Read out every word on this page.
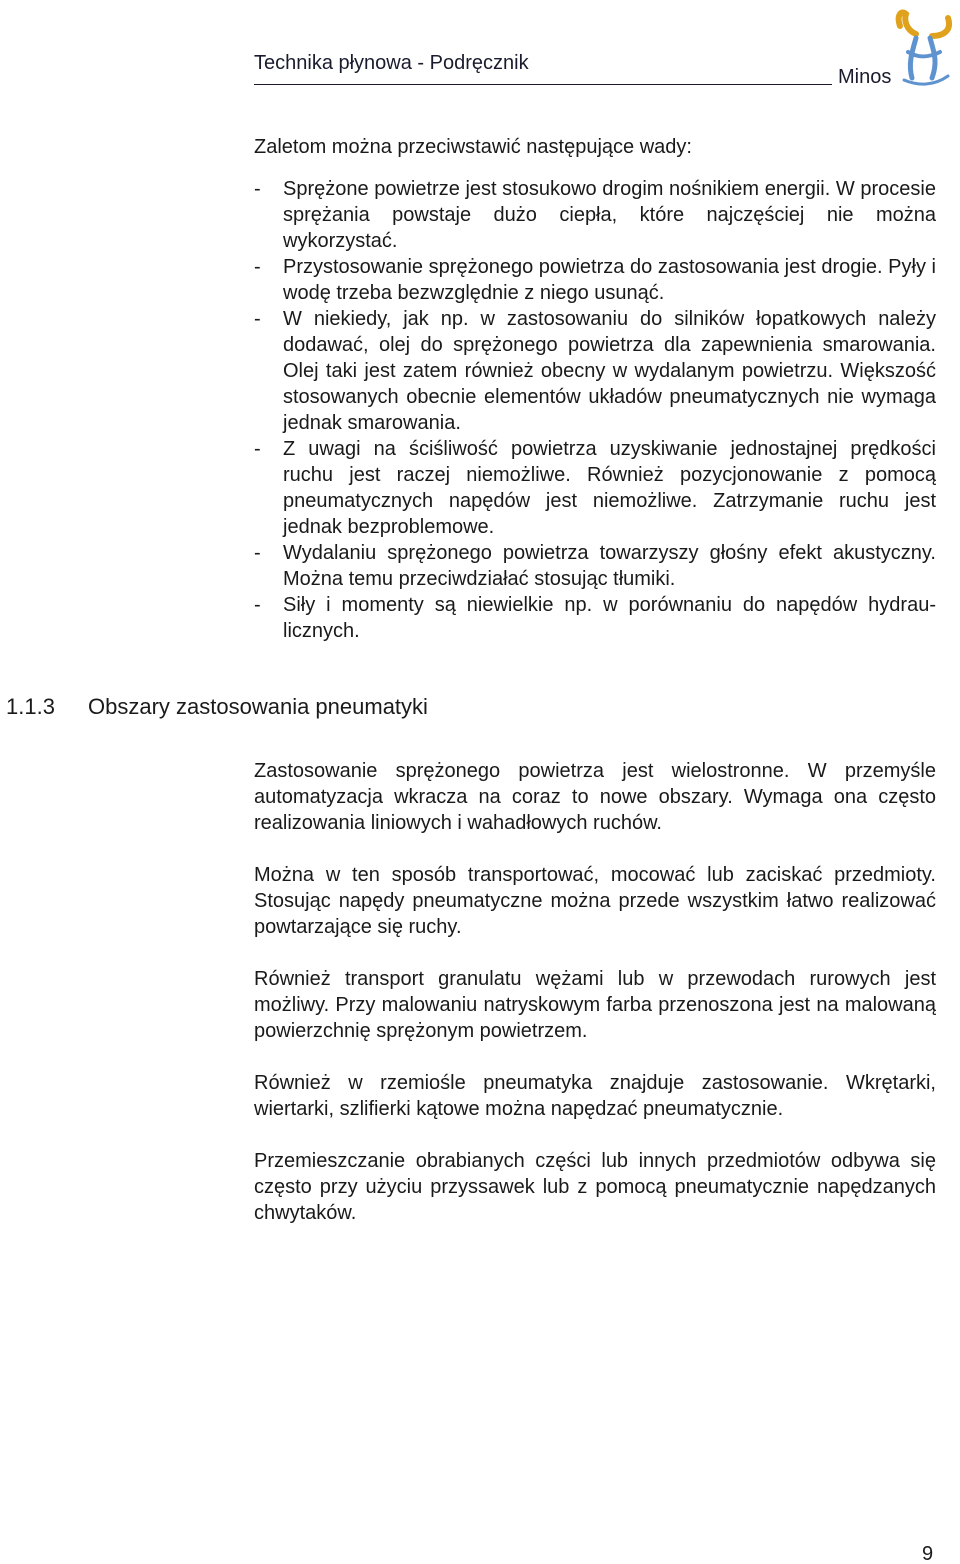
Technika płynowa - Podręcznik
Minos
Zaletom można przeciwstawić następujące wady:
-	Sprężone powietrze jest stosukowo drogim nośnikiem energii. W procesie sprężania powstaje dużo ciepła, które najczęściej nie można wykorzystać.
-	Przystosowanie sprężonego powietrza do zastosowania jest drogie. Pyły i wodę trzeba bezwzględnie z niego usunąć.
-	W niekiedy, jak np. w zastosowaniu do silników łopatkowych należy dodawać, olej do sprężonego powietrza dla zapewnienia smarowania. Olej taki jest zatem również obecny w wydalanym powietrzu. Większość stosowanych obecnie elementów układów pneumatycznych nie wymaga jednak smarowania.
-	Z uwagi na ściśliwość powietrza uzyskiwanie jednostajnej prędkości ruchu jest raczej niemożliwe. Również pozycjonowanie z pomocą pneumatycznych napędów jest niemożliwe. Zatrzymanie ruchu jest jednak bezproblemowe.
-	Wydalaniu sprężonego powietrza towarzyszy głośny efekt akustyczny. Można temu przeciwdziałać stosując tłumiki.
-	Siły i momenty są niewielkie np. w porównaniu do napędów hydrau-licznych.
1.1.3 Obszary zastosowania pneumatyki

Zastosowanie sprężonego powietrza jest wielostronne. W przemyśle automatyzacja wkracza na coraz to nowe obszary. Wymaga ona często realizowania liniowych i wahadłowych ruchów.

Można w ten sposób transportować, mocować lub zaciskać przedmioty. Stosując napędy pneumatyczne można przede wszystkim łatwo realizować powtarzające się ruchy.

Również transport granulatu wężami lub w przewodach rurowych jest możliwy. Przy malowaniu natryskowym farba przenoszona jest na malowaną powierzchnię sprężonym powietrzem.

Również w rzemiośle pneumatyka znajduje zastosowanie. Wkrętarki, wiertarki, szlifierki kątowe można napędzać pneumatycznie.

Przemieszczanie obrabianych części lub innych przedmiotów odbywa się często przy użyciu przyssawek lub z pomocą pneumatycznie napędzanych chwytaków.

9
